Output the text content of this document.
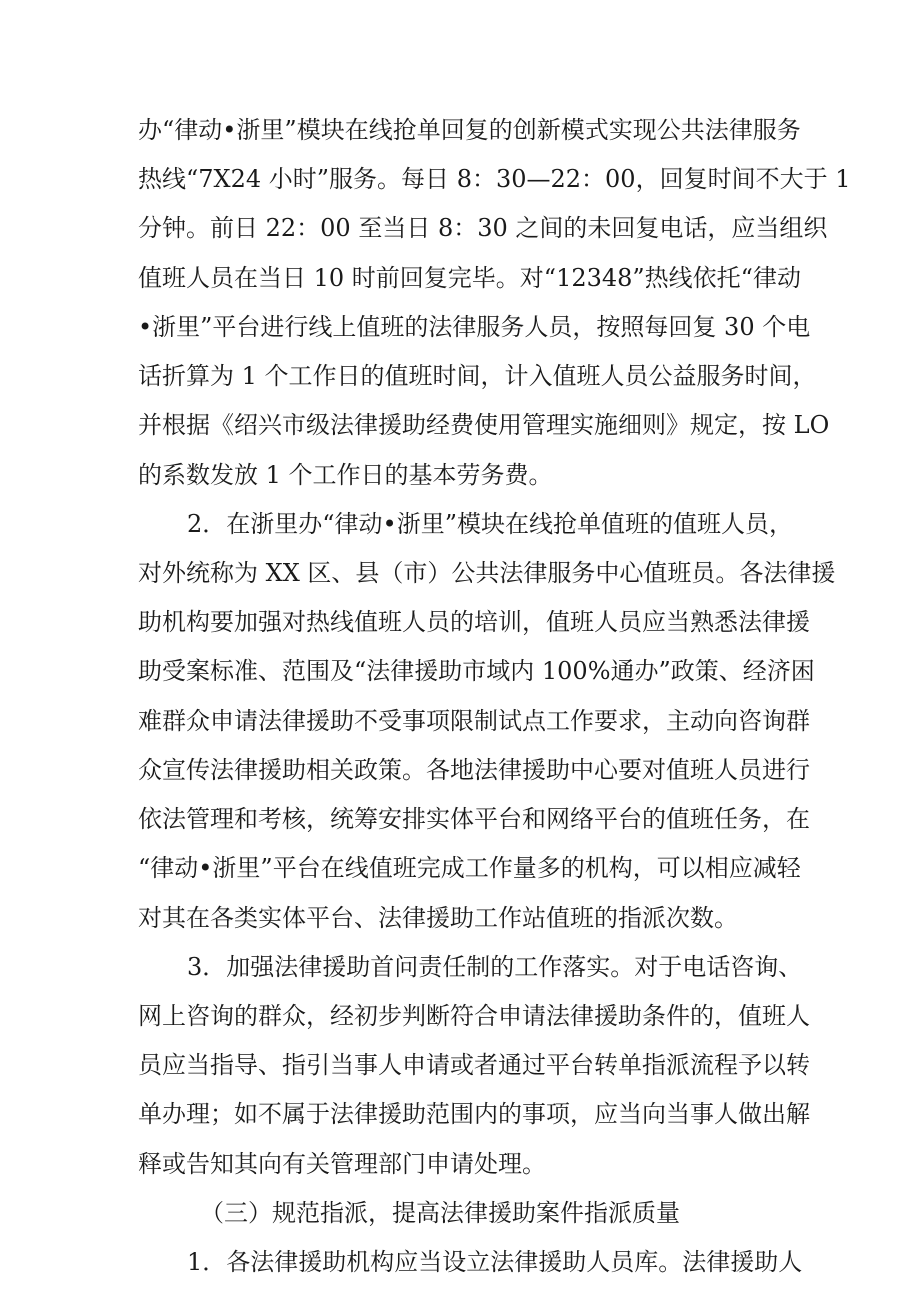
办“律动•浙里”模块在线抢单回复的创新模式实现公共法律服务
热线“7X24 小时”服务。每日 8：30—22：00，回复时间不大于 1
分钟。前日 22：00 至当日 8：30 之间的未回复电话，应当组织
值班人员在当日 10 时前回复完毕。对“12348”热线依托“律动
•浙里”平台进行线上值班的法律服务人员，按照每回复 30 个电
话折算为 1 个工作日的值班时间，计入值班人员公益服务时间，
并根据《绍兴市级法律援助经费使用管理实施细则》规定，按 LO
的系数发放 1 个工作日的基本劳务费。
2．在浙里办“律动•浙里”模块在线抢单值班的值班人员，
对外统称为 XX 区、县（市）公共法律服务中心值班员。各法律援
助机构要加强对热线值班人员的培训，值班人员应当熟悉法律援
助受案标准、范围及“法律援助市域内 100%通办”政策、经济困
难群众申请法律援助不受事项限制试点工作要求，主动向咨询群
众宣传法律援助相关政策。各地法律援助中心要对值班人员进行
依法管理和考核，统筹安排实体平台和网络平台的值班任务，在
“律动•浙里”平台在线值班完成工作量多的机构，可以相应减轻
对其在各类实体平台、法律援助工作站值班的指派次数。
3．加强法律援助首问责任制的工作落实。对于电话咨询、
网上咨询的群众，经初步判断符合申请法律援助条件的，值班人
员应当指导、指引当事人申请或者通过平台转单指派流程予以转
单办理；如不属于法律援助范围内的事项，应当向当事人做出解
释或告知其向有关管理部门申请处理。
（三）规范指派，提高法律援助案件指派质量
1．各法律援助机构应当设立法律援助人员库。法律援助人
